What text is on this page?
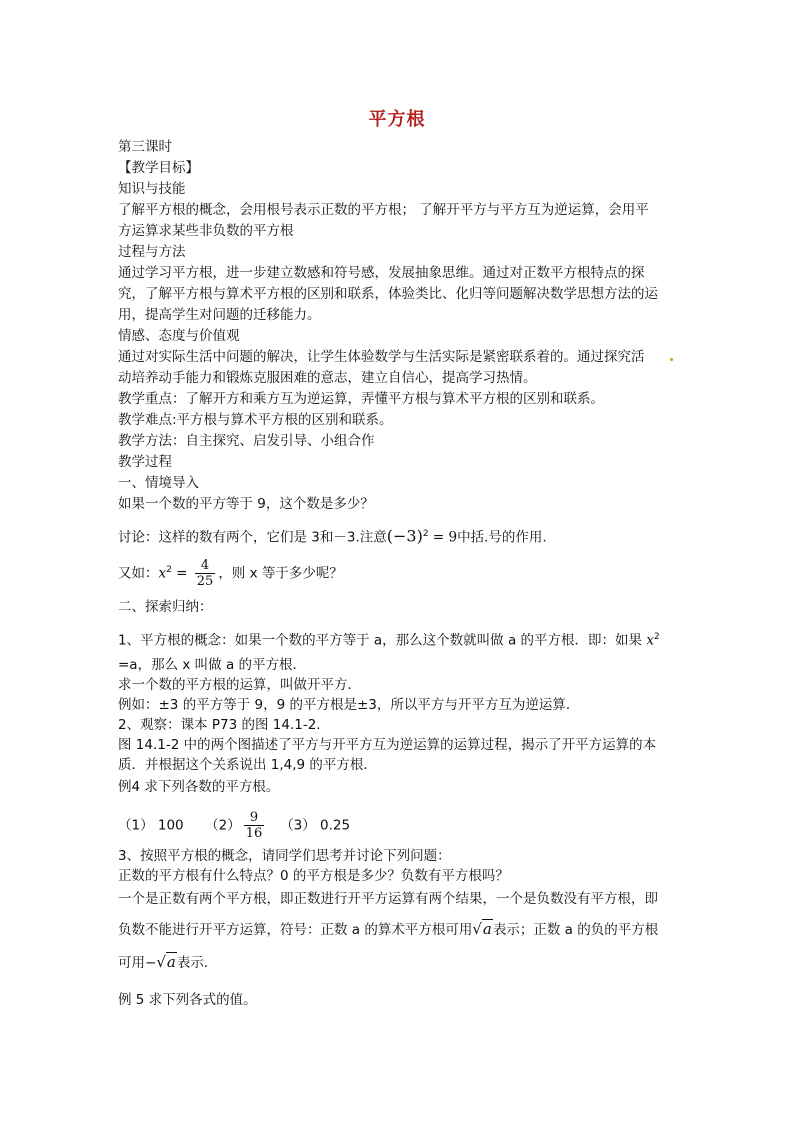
平方根
第三课时
【教学目标】
知识与技能
了解平方根的概念，会用根号表示正数的平方根； 了解开平方与平方互为逆运算，会用平
方运算求某些非负数的平方根
过程与方法
通过学习平方根，进一步建立数感和符号感，发展抽象思维。通过对正数平方根特点的探
究，了解平方根与算术平方根的区别和联系，体验类比、化归等问题解决数学思想方法的运
用，提高学生对问题的迁移能力。
情感、态度与价值观
通过对实际生活中问题的解决，让学生体验数学与生活实际是紧密联系着的。通过探究活
动培养动手能力和锻炼克服困难的意志，建立自信心，提高学习热情。
教学重点：了解开方和乘方互为逆运算，弄懂平方根与算术平方根的区别和联系。
教学难点:平方根与算术平方根的区别和联系。
教学方法：自主探究、启发引导、小组合作
教学过程
一、情境导入
如果一个数的平方等于 9，这个数是多少？
讨论：这样的数有两个，它们是 3和－3.注意$(-3)^2 = 9$中括.号的作用.
又如：$x^2 = \frac{4}{25}$ ，则 x 等于多少呢？
二、探索归纳：
1、平方根的概念：如果一个数的平方等于 a，那么这个数就叫做 a 的平方根．即：如果 $x^2$
=a，那么 x 叫做 a 的平方根．
求一个数的平方根的运算，叫做开平方．
例如：±3 的平方等于 9，9 的平方根是±3，所以平方与开平方互为逆运算．
2、观察：课本 P73 的图 14.1-2.
图 14.1-2 中的两个图描述了平方与开平方互为逆运算的运算过程，揭示了开平方运算的本
质．并根据这个关系说出 1,4,9 的平方根．
例4 求下列各数的平方根。
（1） 100 $(2) \frac{9}{16} (3)$ 0.25
3、按照平方根的概念，请同学们思考并讨论下列问题：
正数的平方根有什么特点？0 的平方根是多少？负数有平方根吗？
一个是正数有两个平方根，即正数进行开平方运算有两个结果，一个是负数没有平方根，即
负数不能进行开平方运算，符号：正数 a 的算术平方根可用√a表示；正数 a 的负的平方根
可用−√a表示．
例 5 求下列各式的值。
